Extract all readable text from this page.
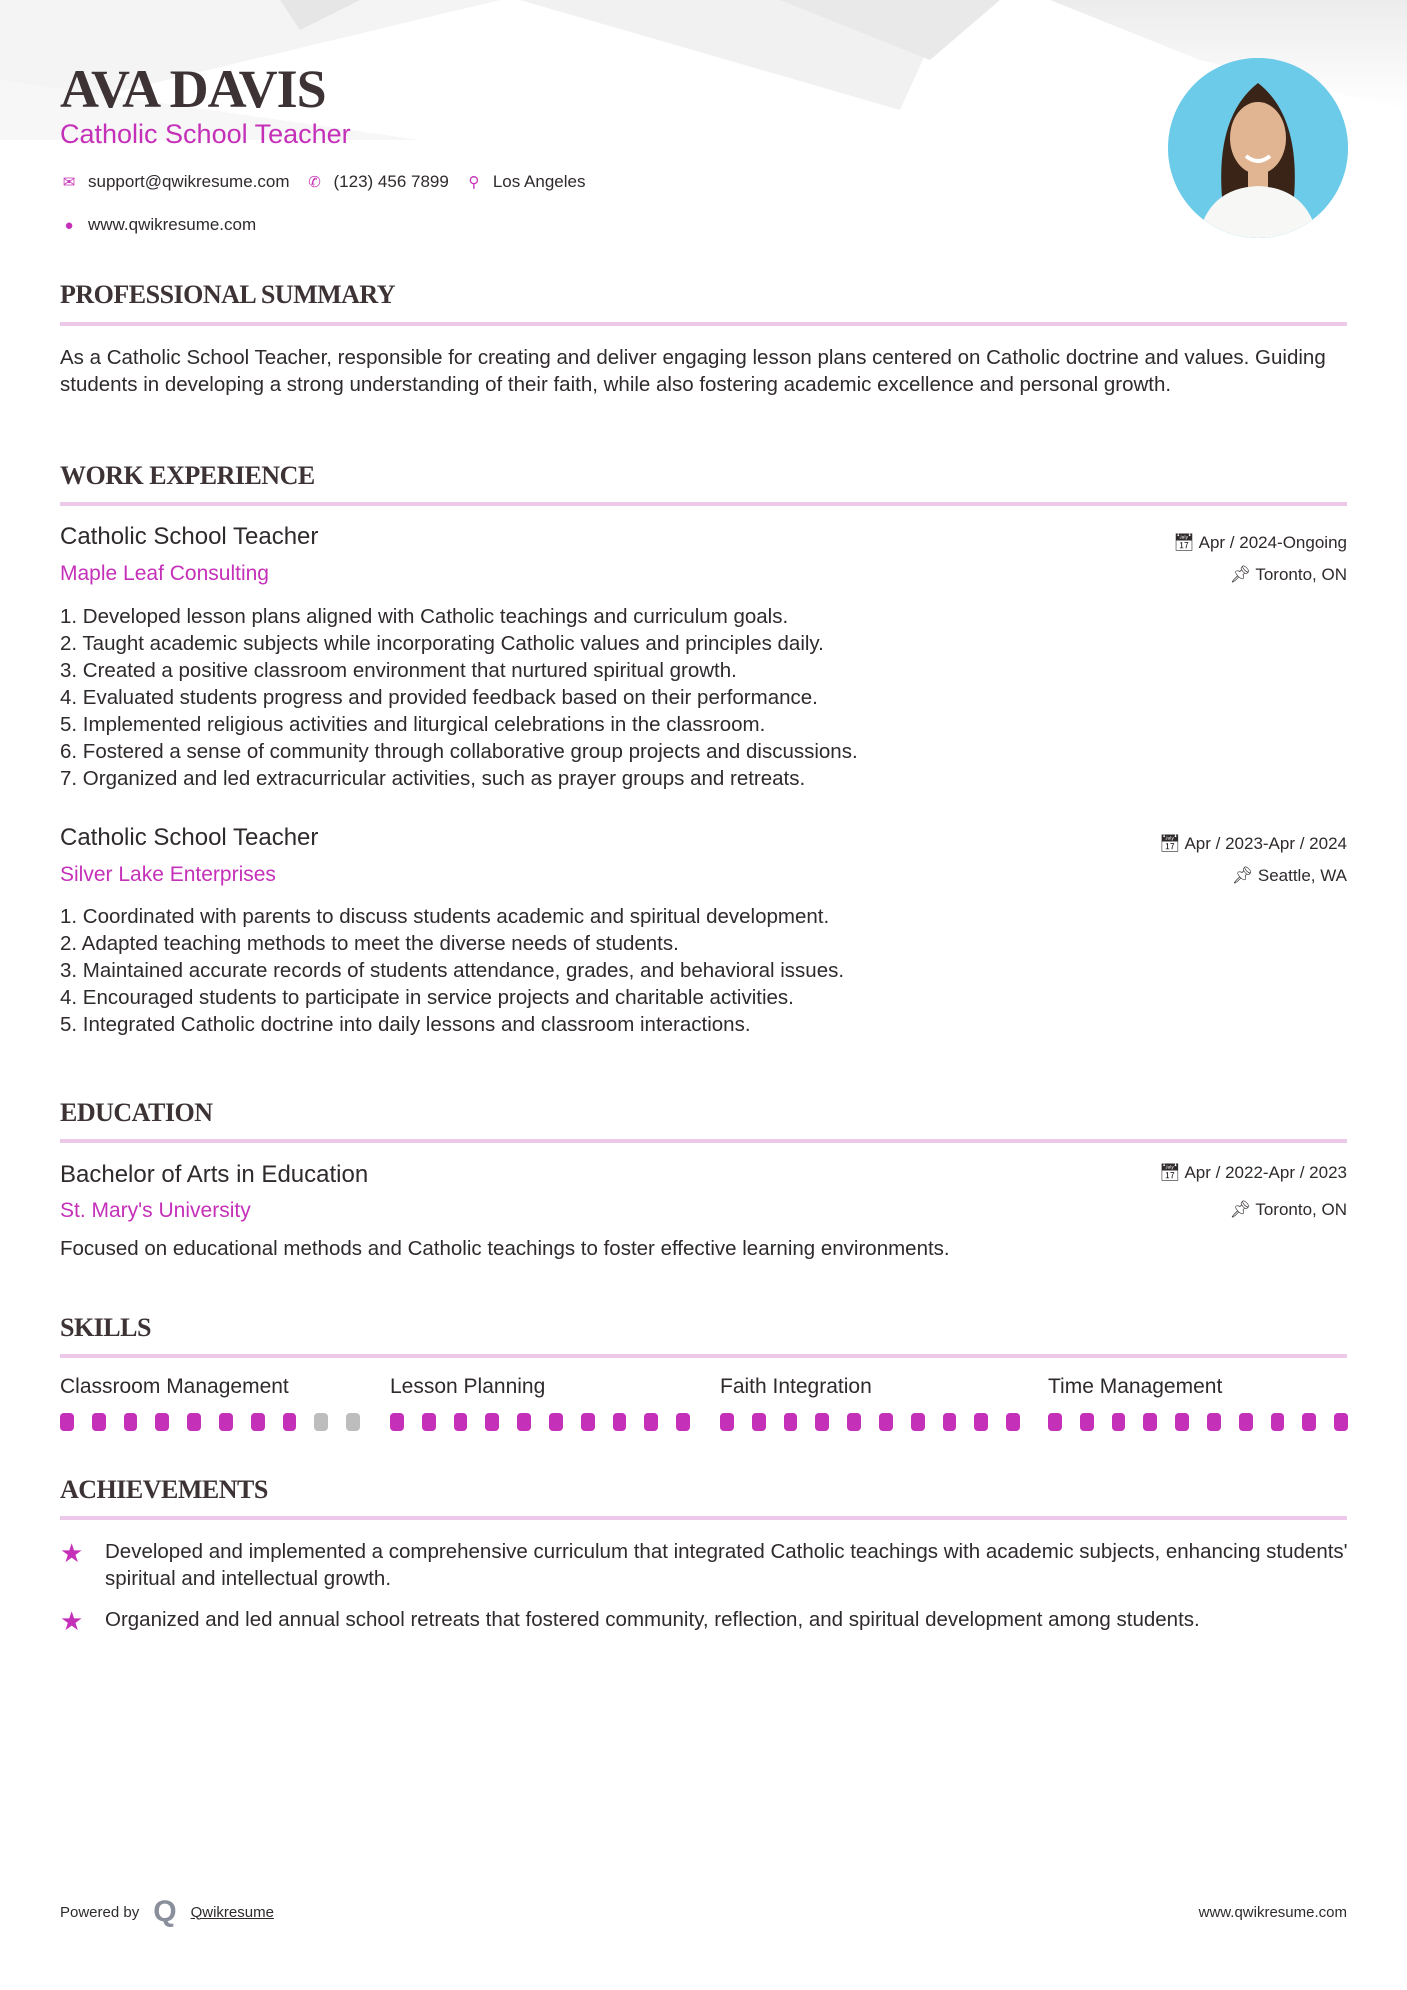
AVA DAVIS
Catholic School Teacher
✉ support@qwikresume.com ✆ (123) 456 7899 ⚲ Los Angeles
● www.qwikresume.com
PROFESSIONAL SUMMARY
As a Catholic School Teacher, responsible for creating and deliver engaging lesson plans centered on Catholic doctrine and values. Guiding students in developing a strong understanding of their faith, while also fostering academic excellence and personal growth.
WORK EXPERIENCE
Catholic School Teacher
Maple Leaf Consulting
📅︎ Apr / 2024-Ongoing
📌︎ Toronto, ON
1. Developed lesson plans aligned with Catholic teachings and curriculum goals.
2. Taught academic subjects while incorporating Catholic values and principles daily.
3. Created a positive classroom environment that nurtured spiritual growth.
4. Evaluated students progress and provided feedback based on their performance.
5. Implemented religious activities and liturgical celebrations in the classroom.
6. Fostered a sense of community through collaborative group projects and discussions.
7. Organized and led extracurricular activities, such as prayer groups and retreats.
Catholic School Teacher
Silver Lake Enterprises
📅︎ Apr / 2023-Apr / 2024
📌︎ Seattle, WA
1. Coordinated with parents to discuss students academic and spiritual development.
2. Adapted teaching methods to meet the diverse needs of students.
3. Maintained accurate records of students attendance, grades, and behavioral issues.
4. Encouraged students to participate in service projects and charitable activities.
5. Integrated Catholic doctrine into daily lessons and classroom interactions.
EDUCATION
Bachelor of Arts in Education
St. Mary's University
📅︎ Apr / 2022-Apr / 2023
📌︎ Toronto, ON
Focused on educational methods and Catholic teachings to foster effective learning environments.
SKILLS
Classroom Management	Lesson Planning	Faith Integration	Time Management
ACHIEVEMENTS
★	Developed and implemented a comprehensive curriculum that integrated Catholic teachings with academic subjects, enhancing students' spiritual and intellectual growth.
★	Organized and led annual school retreats that fostered community, reflection, and spiritual development among students.
Powered by Q Qwikresume	www.qwikresume.com
